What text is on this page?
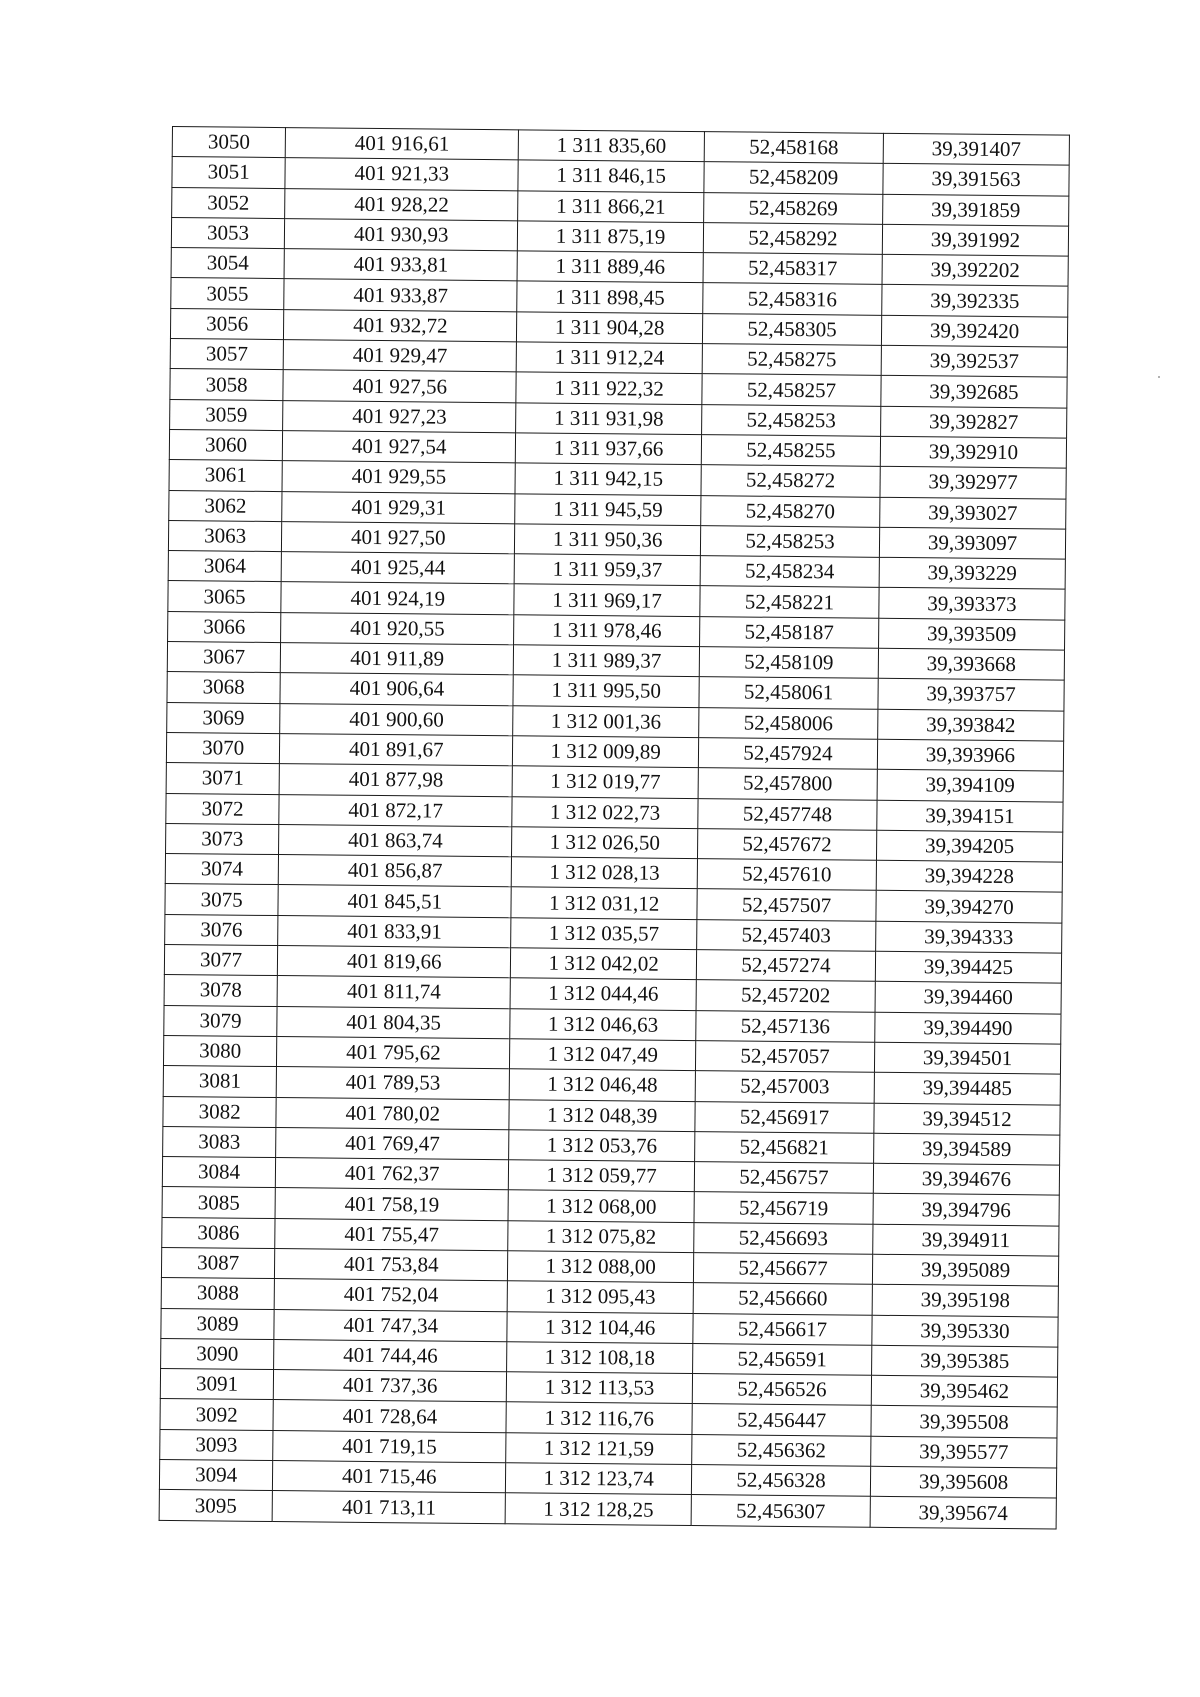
3050	401 916,61	1 311 835,60	52,458168	39,391407
3051	401 921,33	1 311 846,15	52,458209	39,391563
3052	401 928,22	1 311 866,21	52,458269	39,391859
3053	401 930,93	1 311 875,19	52,458292	39,391992
3054	401 933,81	1 311 889,46	52,458317	39,392202
3055	401 933,87	1 311 898,45	52,458316	39,392335
3056	401 932,72	1 311 904,28	52,458305	39,392420
3057	401 929,47	1 311 912,24	52,458275	39,392537
3058	401 927,56	1 311 922,32	52,458257	39,392685
3059	401 927,23	1 311 931,98	52,458253	39,392827
3060	401 927,54	1 311 937,66	52,458255	39,392910
3061	401 929,55	1 311 942,15	52,458272	39,392977
3062	401 929,31	1 311 945,59	52,458270	39,393027
3063	401 927,50	1 311 950,36	52,458253	39,393097
3064	401 925,44	1 311 959,37	52,458234	39,393229
3065	401 924,19	1 311 969,17	52,458221	39,393373
3066	401 920,55	1 311 978,46	52,458187	39,393509
3067	401 911,89	1 311 989,37	52,458109	39,393668
3068	401 906,64	1 311 995,50	52,458061	39,393757
3069	401 900,60	1 312 001,36	52,458006	39,393842
3070	401 891,67	1 312 009,89	52,457924	39,393966
3071	401 877,98	1 312 019,77	52,457800	39,394109
3072	401 872,17	1 312 022,73	52,457748	39,394151
3073	401 863,74	1 312 026,50	52,457672	39,394205
3074	401 856,87	1 312 028,13	52,457610	39,394228
3075	401 845,51	1 312 031,12	52,457507	39,394270
3076	401 833,91	1 312 035,57	52,457403	39,394333
3077	401 819,66	1 312 042,02	52,457274	39,394425
3078	401 811,74	1 312 044,46	52,457202	39,394460
3079	401 804,35	1 312 046,63	52,457136	39,394490
3080	401 795,62	1 312 047,49	52,457057	39,394501
3081	401 789,53	1 312 046,48	52,457003	39,394485
3082	401 780,02	1 312 048,39	52,456917	39,394512
3083	401 769,47	1 312 053,76	52,456821	39,394589
3084	401 762,37	1 312 059,77	52,456757	39,394676
3085	401 758,19	1 312 068,00	52,456719	39,394796
3086	401 755,47	1 312 075,82	52,456693	39,394911
3087	401 753,84	1 312 088,00	52,456677	39,395089
3088	401 752,04	1 312 095,43	52,456660	39,395198
3089	401 747,34	1 312 104,46	52,456617	39,395330
3090	401 744,46	1 312 108,18	52,456591	39,395385
3091	401 737,36	1 312 113,53	52,456526	39,395462
3092	401 728,64	1 312 116,76	52,456447	39,395508
3093	401 719,15	1 312 121,59	52,456362	39,395577
3094	401 715,46	1 312 123,74	52,456328	39,395608
3095	401 713,11	1 312 128,25	52,456307	39,395674
